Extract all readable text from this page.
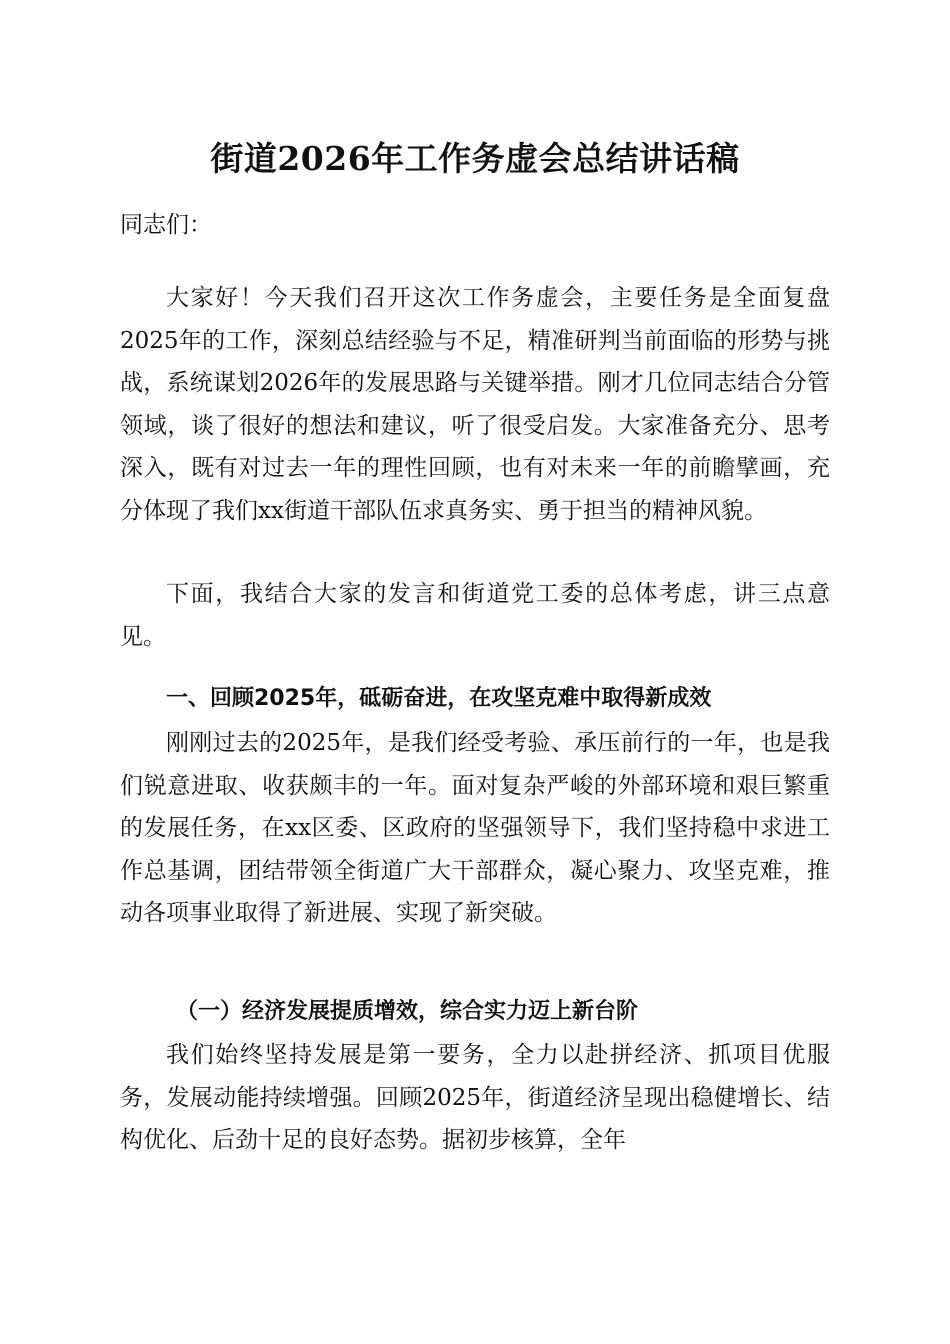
街道2026年工作务虚会总结讲话稿
同志们：
大家好！今天我们召开这次工作务虚会，主要任务是全面复盘2025年的工作，深刻总结经验与不足，精准研判当前面临的形势与挑战，系统谋划2026年的发展思路与关键举措。刚才几位同志结合分管领域，谈了很好的想法和建议，听了很受启发。大家准备充分、思考深入，既有对过去一年的理性回顾，也有对未来一年的前瞻擘画，充分体现了我们xx街道干部队伍求真务实、勇于担当的精神风貌。
下面，我结合大家的发言和街道党工委的总体考虑，讲三点意见。
一、回顾2025年，砥砺奋进，在攻坚克难中取得新成效
刚刚过去的2025年，是我们经受考验、承压前行的一年，也是我们锐意进取、收获颇丰的一年。面对复杂严峻的外部环境和艰巨繁重的发展任务，在xx区委、区政府的坚强领导下，我们坚持稳中求进工作总基调，团结带领全街道广大干部群众，凝心聚力、攻坚克难，推动各项事业取得了新进展、实现了新突破。
（一）经济发展提质增效，综合实力迈上新台阶
我们始终坚持发展是第一要务，全力以赴拼经济、抓项目优服务，发展动能持续增强。回顾2025年，街道经济呈现出稳健增长、结构优化、后劲十足的良好态势。据初步核算，全年
